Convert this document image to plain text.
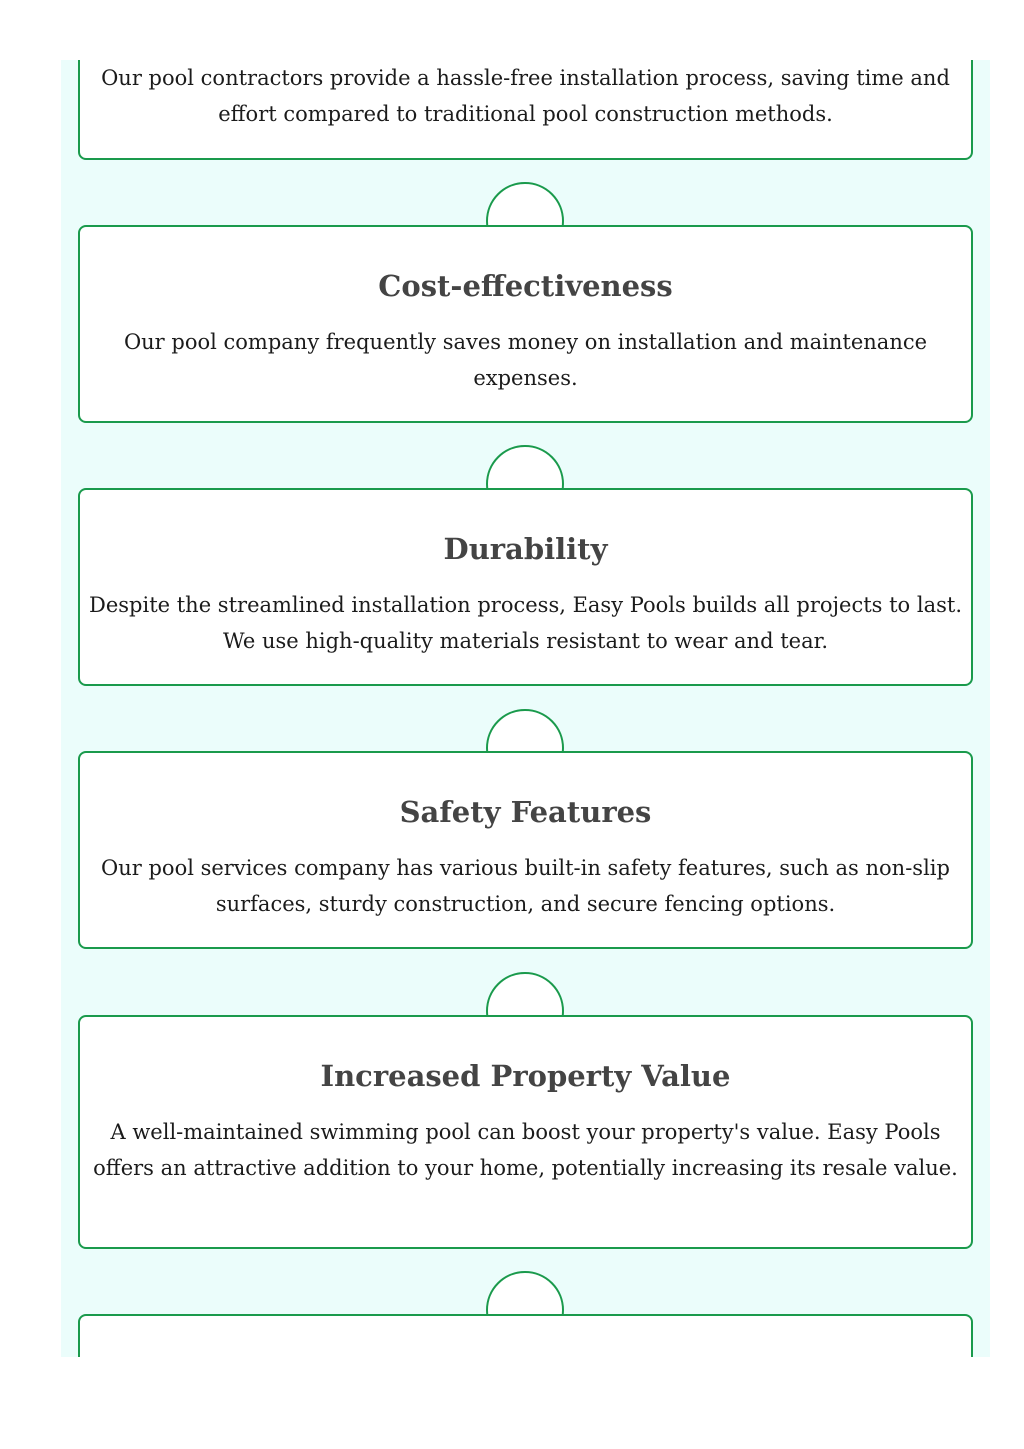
Our pool contractors provide a hassle-free installation process, saving time and effort compared to traditional pool construction methods.

Cost-effectiveness

Our pool company frequently saves money on installation and maintenance expenses.

Durability

Despite the streamlined installation process, Easy Pools builds all projects to last. We use high-quality materials resistant to wear and tear.

Safety Features

Our pool services company has various built-in safety features, such as non-slip surfaces, sturdy construction, and secure fencing options.

Increased Property Value

A well-maintained swimming pool can boost your property's value. Easy Pools offers an attractive addition to your home, potentially increasing its resale value.
